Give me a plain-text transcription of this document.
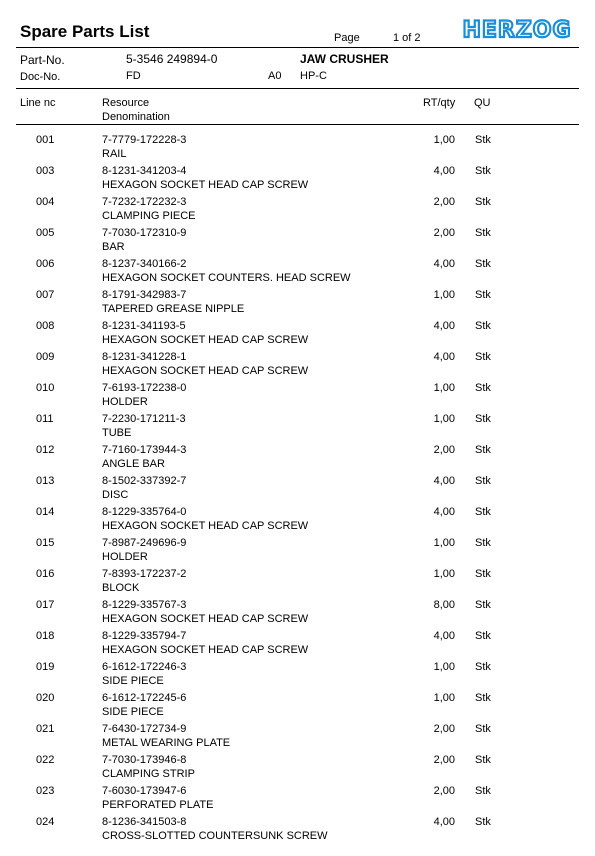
Spare Parts List	Page	1 of 2 HERZOG
Part-No.	5-3546 249894-0	JAW CRUSHER
Doc-No.	FD	A0 HP-C
Line nc	Resource
Denomination
RT/qty QU
001	7-7779-172228-3
RAIL
1,00 Stk
003	8-1231-341203-4
HEXAGON SOCKET HEAD CAP SCREW
4,00 Stk
004	7-7232-172232-3
CLAMPING PIECE
2,00 Stk
005	7-7030-172310-9
BAR
2,00 Stk
006	8-1237-340166-2
HEXAGON SOCKET COUNTERS. HEAD SCREW
4,00 Stk
007	8-1791-342983-7
TAPERED GREASE NIPPLE
1,00 Stk
008	8-1231-341193-5
HEXAGON SOCKET HEAD CAP SCREW
4,00 Stk
009	8-1231-341228-1
HEXAGON SOCKET HEAD CAP SCREW
4,00 Stk
010	7-6193-172238-0
HOLDER
1,00 Stk
011	7-2230-171211-3
TUBE
1,00 Stk
012	7-7160-173944-3
ANGLE BAR
2,00 Stk
013	8-1502-337392-7
DISC
4,00 Stk
014	8-1229-335764-0
HEXAGON SOCKET HEAD CAP SCREW
4,00 Stk
015	7-8987-249696-9
HOLDER
1,00 Stk
016	7-8393-172237-2
BLOCK
1,00 Stk
017	8-1229-335767-3
HEXAGON SOCKET HEAD CAP SCREW
8,00 Stk
018	8-1229-335794-7
HEXAGON SOCKET HEAD CAP SCREW
4,00 Stk
019	6-1612-172246-3
SIDE PIECE
1,00 Stk
020	6-1612-172245-6
SIDE PIECE
1,00 Stk
021	7-6430-172734-9
METAL WEARING PLATE
2,00 Stk
022	7-7030-173946-8
CLAMPING STRIP
2,00 Stk
023	7-6030-173947-6
PERFORATED PLATE
2,00 Stk
024	8-1236-341503-8
CROSS-SLOTTED COUNTERSUNK SCREW
4,00 Stk
